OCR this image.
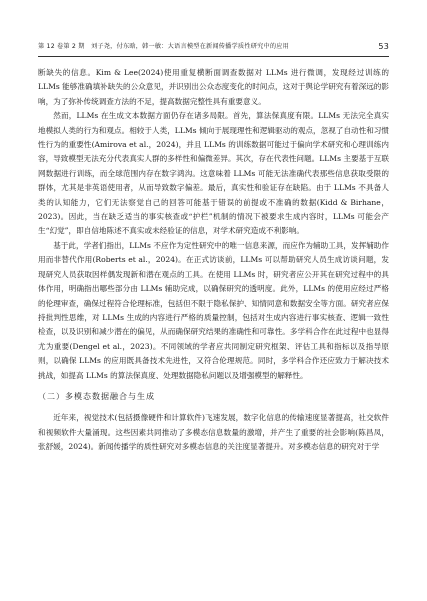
第 12 卷第 2 期　刘子尧，付东晗，韩一敏：大语言模型在新闻传播学质性研究中的应用	53

断缺失的信息。Kim & Lee(2024)使用重复横断面调查数据对 LLMs 进行微调，发现经过训练的 LLMs 能够准确填补缺失的公众意见，并识别出公众态度变化的时间点，这对于舆论学研究有着深远的影响，为了弥补传统调查方法的不足，提高数据完整性具有重要意义。

然而，LLMs 在生成文本数据方面仍存在诸多局限。首先，算法保真度有限。LLMs 无法完全真实地模拟人类的行为和观点。相较于人类，LLMs 倾向于展现理性和逻辑驱动的观点，忽视了自动性和习惯性行为的重要性(Amirova et al.，2024)，并且 LLMs 的训练数据可能过于偏向学术研究和心理训练内容，导致模型无法充分代表真实人群的多样性和偏微差异。其次，存在代表性问题。LLMs 主要基于互联网数据进行训练，而全球范围内存在数字鸿沟。这意味着 LLMs 可能无法准确代表那些信息获取受限的群体，尤其是非英语使用者，从而导致数字偏差。最后，真实性和验证存在缺陷。由于 LLMs 不具备人类的认知能力，它们无法察觉自己的回答可能基于错误的前提或不准确的数据(Kidd & Birhane，2023)。因此，当在缺乏适当的事实核查或“护栏”机制的情况下被要求生成内容时，LLMs 可能会产生“幻觉”，即自信地陈述不真实或未经验证的信息，对学术研究造成不利影响。

基于此，学者们指出，LLMs 不应作为定性研究中的唯一信息来源，而应作为辅助工具，发挥辅助作用而非替代作用(Roberts et al.，2024)。在正式访谈前，LLMs 可以帮助研究人员生成访谈问题，发现研究人员获取因样偶发现新和潜在观点的工具。在使用 LLMs 时，研究者应公开其在研究过程中的具体作用，明确指出哪些部分由 LLMs 辅助完成，以确保研究的透明度。此外，LLMs 的使用应经过严格的伦理审查，确保过程符合伦理标准，包括但不限于隐私保护、知情同意和数据安全等方面。研究者应保持批判性思维，对 LLMs 生成的内容进行严格的质量控制，包括对生成内容进行事实核查、逻辑一致性检查，以及识别和减少潜在的偏见，从而确保研究结果的准确性和可靠性。多学科合作在此过程中也显得尤为重要(Dengel et al.，2023)。不同领域的学者应共同制定研究框架、评估工具和指标以及指导原则，以确保 LLMs 的应用既具备技术先进性，又符合伦理规范。同时，多学科合作还应致力于解决技术挑战，如提高 LLMs 的算法保真度、处理数据隐私问题以及增强模型的解释性。

（二）多模态数据融合与生成

近年来，视觉技术(包括摄像硬件和计算软件)飞速发展，数字化信息的传输速度显著提高，社交软件和视频软件大量涌现。这些因素共同推动了多模态信息数量的激增，并产生了重要的社会影响(陈昌凤，张舒媛，2024)。新闻传播学的质性研究对多模态信息的关注度显著提升。对多模态信息的研究对于学
